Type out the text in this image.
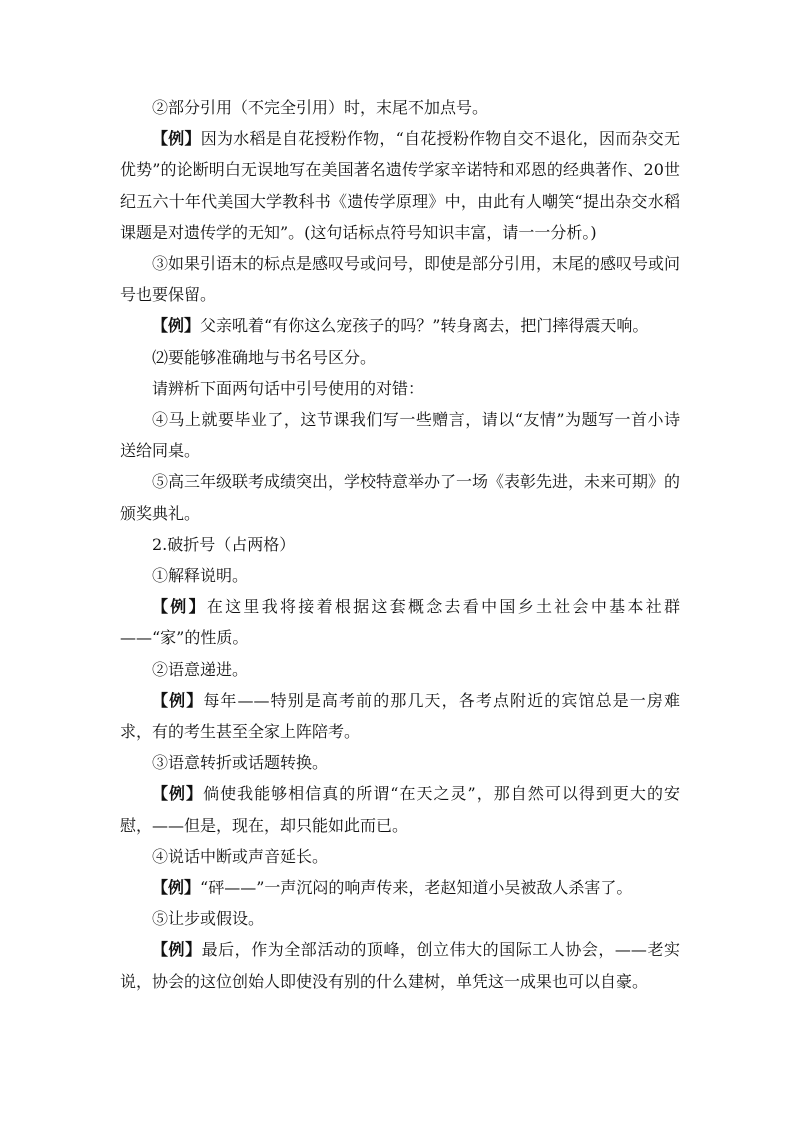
②部分引用（不完全引用）时，末尾不加点号。

【例】因为水稻是自花授粉作物，“自花授粉作物自交不退化，因而杂交无优势”的论断明白无误地写在美国著名遗传学家辛诺特和邓恩的经典著作、20世纪五六十年代美国大学教科书《遗传学原理》中，由此有人嘲笑“提出杂交水稻课题是对遗传学的无知”。(这句话标点符号知识丰富，请一一分析。)

③如果引语末的标点是感叹号或问号，即使是部分引用，末尾的感叹号或问号也要保留。

【例】父亲吼着“有你这么宠孩子的吗？”转身离去，把门摔得震天响。

⑵要能够准确地与书名号区分。

请辨析下面两句话中引号使用的对错：

④马上就要毕业了，这节课我们写一些赠言，请以“友情”为题写一首小诗送给同桌。

⑤高三年级联考成绩突出，学校特意举办了一场《表彰先进，未来可期》的颁奖典礼。

2.破折号（占两格）

①解释说明。

【例】在这里我将接着根据这套概念去看中国乡土社会中基本社群——“家”的性质。

②语意递进。

【例】每年——特别是高考前的那几天，各考点附近的宾馆总是一房难求，有的考生甚至全家上阵陪考。

③语意转折或话题转换。

【例】倘使我能够相信真的所谓“在天之灵”，那自然可以得到更大的安慰，——但是，现在，却只能如此而已。

④说话中断或声音延长。

【例】“砰——”一声沉闷的响声传来，老赵知道小吴被敌人杀害了。

⑤让步或假设。

【例】最后，作为全部活动的顶峰，创立伟大的国际工人协会，——老实说，协会的这位创始人即使没有别的什么建树，单凭这一成果也可以自豪。
